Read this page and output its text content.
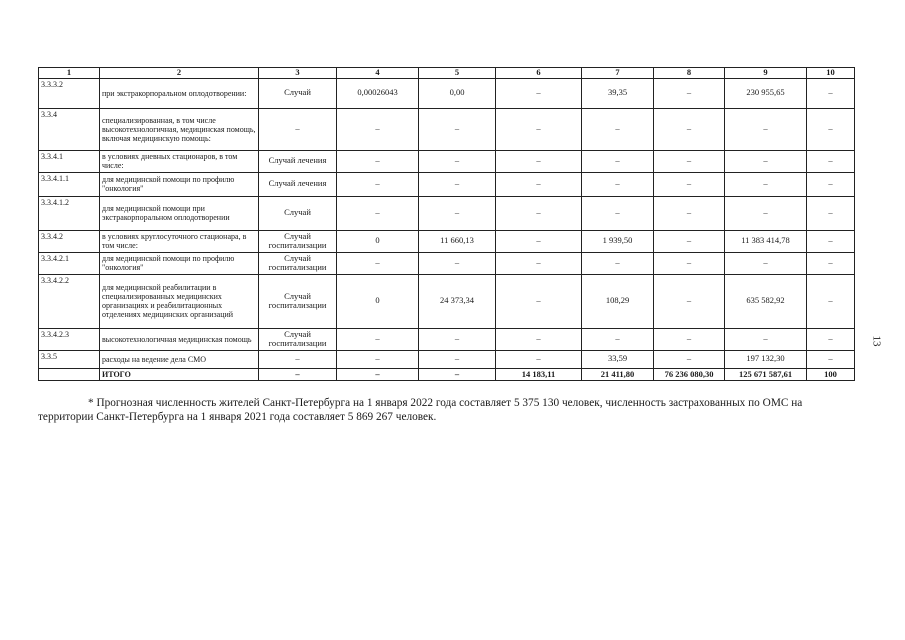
1	2	3	4	5	6	7	8	9	10
3.3.3.2	при экстракорпоральном оплодотворении:	Случай	0,00026043	0,00	–	39,35	–	230 955,65	–
3.3.4	специализированная, в том числе высокотехнологичная, медицинская помощь, включая медицинскую помощь:	–	–	–	–	–	–	–	–
3.3.4.1	в условиях дневных стационаров, в том числе:	Случай лечения	–	–	–	–	–	–	–
3.3.4.1.1	для медицинской помощи по профилю "онкология"	Случай лечения	–	–	–	–	–	–	–
3.3.4.1.2	для медицинской помощи при экстракорпоральном оплодотворении	Случай	–	–	–	–	–	–	–
3.3.4.2	в условиях круглосуточного стационара, в том числе:	Случай госпитализации	0	11 660,13	–	1 939,50	–	11 383 414,78	–
3.3.4.2.1	для медицинской помощи по профилю "онкология"	Случай госпитализации	–	–	–	–	–	–	–
3.3.4.2.2	для медицинской реабилитации в специализированных медицинских организациях и реабилитационных отделениях медицинских организаций	Случай госпитализации	0	24 373,34	–	108,29	–	635 582,92	–
3.3.4.2.3	высокотехнологичная медицинская помощь	Случай госпитализации	–	–	–	–	–	–	–
3.3.5	расходы на ведение дела СМО	–	–	–	–	33,59	–	197 132,30	–
	ИТОГО	–	–	–	14 183,11	21 411,80	76 236 080,30	125 671 587,61	100
* Прогнозная численность жителей Санкт-Петербурга на 1 января 2022 года составляет 5 375 130 человек, численность застрахованных по ОМС на территории Санкт-Петербурга на 1 января 2021 года составляет 5 869 267 человек.
13
